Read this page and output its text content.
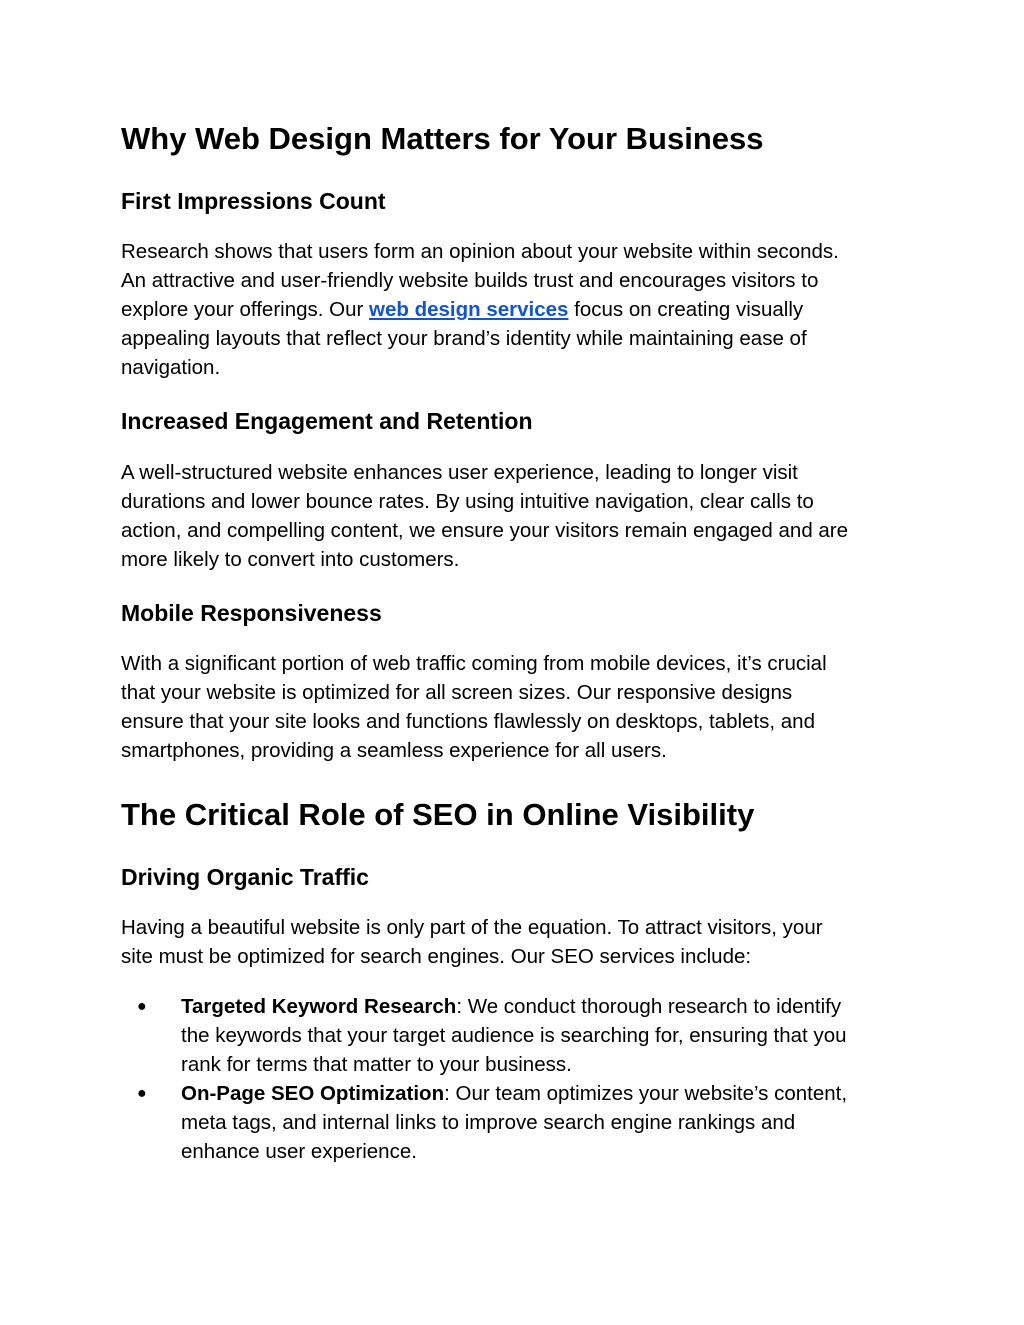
Why Web Design Matters for Your Business
First Impressions Count

Research shows that users form an opinion about your website within seconds.
An attractive and user-friendly website builds trust and encourages visitors to
explore your offerings. Our web design services focus on creating visually
appealing layouts that reflect your brand’s identity while maintaining ease of
navigation.

Increased Engagement and Retention

A well-structured website enhances user experience, leading to longer visit
durations and lower bounce rates. By using intuitive navigation, clear calls to
action, and compelling content, we ensure your visitors remain engaged and are
more likely to convert into customers.

Mobile Responsiveness

With a significant portion of web traffic coming from mobile devices, it’s crucial
that your website is optimized for all screen sizes. Our responsive designs
ensure that your site looks and functions flawlessly on desktops, tablets, and
smartphones, providing a seamless experience for all users.

The Critical Role of SEO in Online Visibility
Driving Organic Traffic

Having a beautiful website is only part of the equation. To attract visitors, your
site must be optimized for search engines. Our SEO services include:

● Targeted Keyword Research: We conduct thorough research to identify
the keywords that your target audience is searching for, ensuring that you
rank for terms that matter to your business.
● On-Page SEO Optimization: Our team optimizes your website’s content,
meta tags, and internal links to improve search engine rankings and
enhance user experience.
